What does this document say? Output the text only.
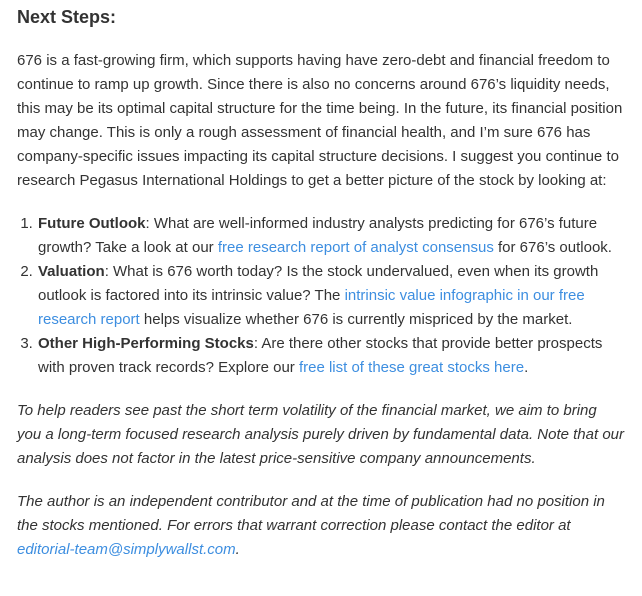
Next Steps:

676 is a fast-growing firm, which supports having have zero-debt and financial freedom to continue to ramp up growth. Since there is also no concerns around 676’s liquidity needs, this may be its optimal capital structure for the time being. In the future, its financial position may change. This is only a rough assessment of financial health, and I’m sure 676 has company-specific issues impacting its capital structure decisions. I suggest you continue to research Pegasus International Holdings to get a better picture of the stock by looking at:

1. Future Outlook: What are well-informed industry analysts predicting for 676’s future growth? Take a look at our free research report of analyst consensus for 676’s outlook.
2. Valuation: What is 676 worth today? Is the stock undervalued, even when its growth outlook is factored into its intrinsic value? The intrinsic value infographic in our free research report helps visualize whether 676 is currently mispriced by the market.
3. Other High-Performing Stocks: Are there other stocks that provide better prospects with proven track records? Explore our free list of these great stocks here.

To help readers see past the short term volatility of the financial market, we aim to bring you a long-term focused research analysis purely driven by fundamental data. Note that our analysis does not factor in the latest price-sensitive company announcements.

The author is an independent contributor and at the time of publication had no position in the stocks mentioned. For errors that warrant correction please contact the editor at editorial-team@simplywallst.com.
